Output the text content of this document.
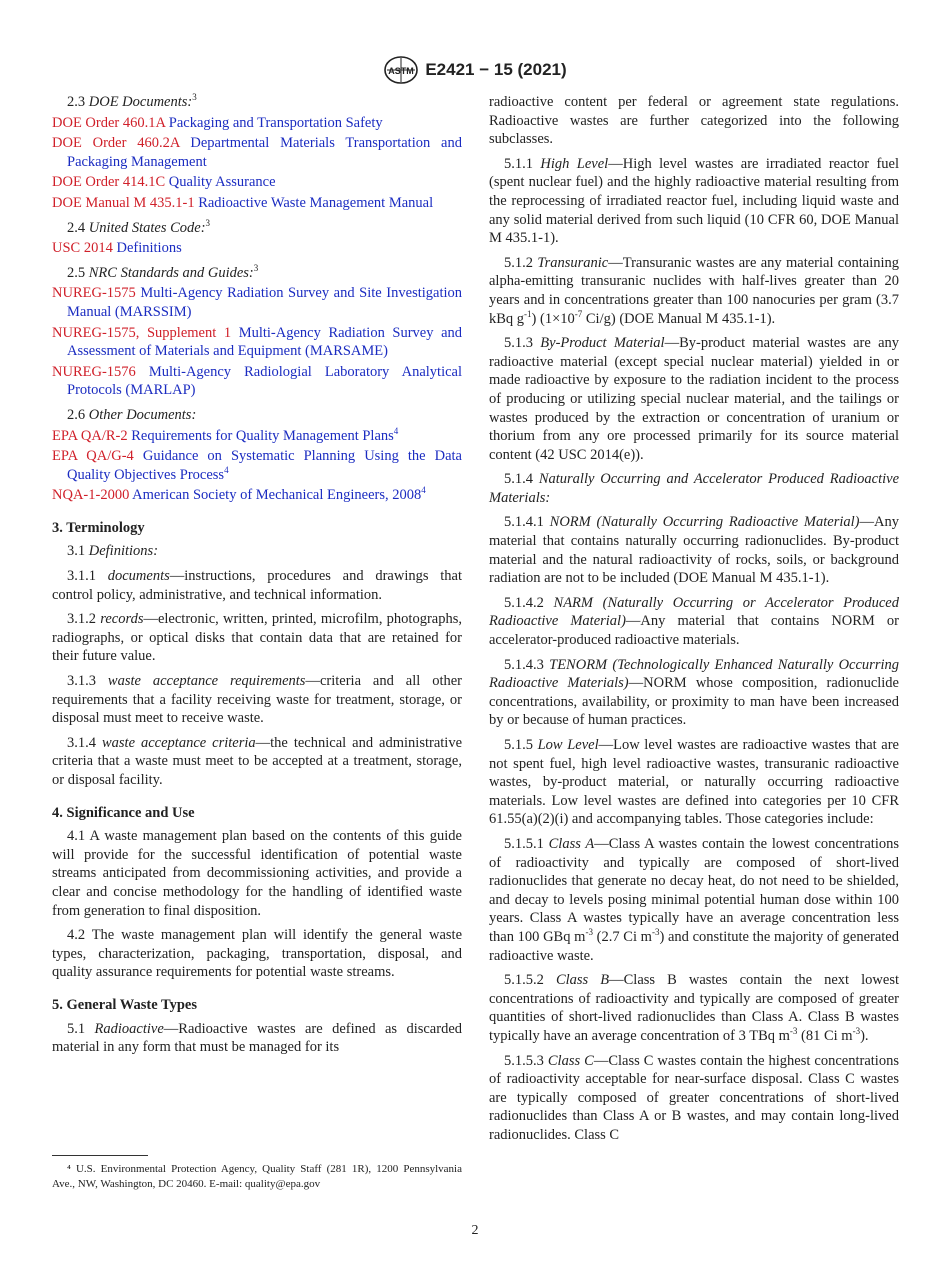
ASTM E2421 − 15 (2021)

2.3 DOE Documents:$^3$

DOE Order 460.1A Packaging and Transportation Safety

DOE Order 460.2A Departmental Materials Transportation and Packaging Management

DOE Order 414.1C Quality Assurance

DOE Manual M 435.1-1 Radioactive Waste Management Manual

2.4 United States Code:$^3$

USC 2014 Definitions

2.5 NRC Standards and Guides:$^3$

NUREG-1575 Multi-Agency Radiation Survey and Site Investigation Manual (MARSSIM)

NUREG-1575, Supplement 1 Multi-Agency Radiation Survey and Assessment of Materials and Equipment (MARSAME)

NUREG-1576 Multi-Agency Radiologial Laboratory Analytical Protocols (MARLAP)

2.6 Other Documents:

EPA QA/R-2 Requirements for Quality Management Plans$^4$

EPA QA/G-4 Guidance on Systematic Planning Using the Data Quality Objectives Process$^4$

NQA-1-2000 American Society of Mechanical Engineers, 2008$^4$

3. Terminology

3.1 Definitions:

3.1.1 documents—instructions, procedures and drawings that control policy, administrative, and technical information.

3.1.2 records—electronic, written, printed, microfilm, photographs, radiographs, or optical disks that contain data that are retained for their future value.

3.1.3 waste acceptance requirements—criteria and all other requirements that a facility receiving waste for treatment, storage, or disposal must meet to receive waste.

3.1.4 waste acceptance criteria—the technical and administrative criteria that a waste must meet to be accepted at a treatment, storage, or disposal facility.

4. Significance and Use

4.1 A waste management plan based on the contents of this guide will provide for the successful identification of potential waste streams anticipated from decommissioning activities, and provide a clear and concise methodology for the handling of identified waste from generation to final disposition.

4.2 The waste management plan will identify the general waste types, characterization, packaging, transportation, disposal, and quality assurance requirements for potential waste streams.

5. General Waste Types

5.1 Radioactive—Radioactive wastes are defined as discarded material in any form that must be managed for its

⁴ U.S. Environmental Protection Agency, Quality Staff (281 1R), 1200 Pennsylvania Ave., NW, Washington, DC 20460. E-mail: quality@epa.gov

radioactive content per federal or agreement state regulations. Radioactive wastes are further categorized into the following subclasses.

5.1.1 High Level—High level wastes are irradiated reactor fuel (spent nuclear fuel) and the highly radioactive material resulting from the reprocessing of irradiated reactor fuel, including liquid waste and any solid material derived from such liquid (10 CFR 60, DOE Manual M 435.1-1).

5.1.2 Transuranic—Transuranic wastes are any material containing alpha-emitting transuranic nuclides with half-lives greater than 20 years and in concentrations greater than 100 nanocuries per gram (3.7 kBq $g^{-1}$) ($1\times 10^{-7}$ Ci/g) (DOE Manual M 435.1-1).

5.1.3 By-Product Material—By-product material wastes are any radioactive material (except special nuclear material) yielded in or made radioactive by exposure to the radiation incident to the process of producing or utilizing special nuclear material, and the tailings or wastes produced by the extraction or concentration of uranium or thorium from any ore processed primarily for its source material content (42 USC 2014(e)).

5.1.4 Naturally Occurring and Accelerator Produced Radioactive Materials:

5.1.4.1 NORM (Naturally Occurring Radioactive Material)—Any material that contains naturally occurring radionuclides. By-product material and the natural radioactivity of rocks, soils, or background radiation are not to be included (DOE Manual M 435.1-1).

5.1.4.2 NARM (Naturally Occurring or Accelerator Produced Radioactive Material)—Any material that contains NORM or accelerator-produced radioactive materials.

5.1.4.3 TENORM (Technologically Enhanced Naturally Occurring Radioactive Materials)—NORM whose composition, radionuclide concentrations, availability, or proximity to man have been increased by or because of human practices.

5.1.5 Low Level—Low level wastes are radioactive wastes that are not spent fuel, high level radioactive wastes, transuranic radioactive wastes, by-product material, or naturally occurring radioactive materials. Low level wastes are defined into categories per 10 CFR 61.55(a)(2)(i) and accompanying tables. Those categories include:

5.1.5.1 Class A—Class A wastes contain the lowest concentrations of radioactivity and typically are composed of short-lived radionuclides that generate no decay heat, do not need to be shielded, and decay to levels posing minimal potential human dose within 100 years. Class A wastes typically have an average concentration less than 100 GBq $m^{-3}$ (2.7 Ci $m^{-3}$) and constitute the majority of generated radioactive waste.

5.1.5.2 Class B—Class B wastes contain the next lowest concentrations of radioactivity and typically are composed of greater quantities of short-lived radionuclides than Class A. Class B wastes typically have an average concentration of 3 TBq $m^{-3}$ (81 Ci $m^{-3}$).

5.1.5.3 Class C—Class C wastes contain the highest concentrations of radioactivity acceptable for near-surface disposal. Class C wastes are typically composed of greater concentrations of short-lived radionuclides than Class A or B wastes, and may contain long-lived radionuclides. Class C

2
